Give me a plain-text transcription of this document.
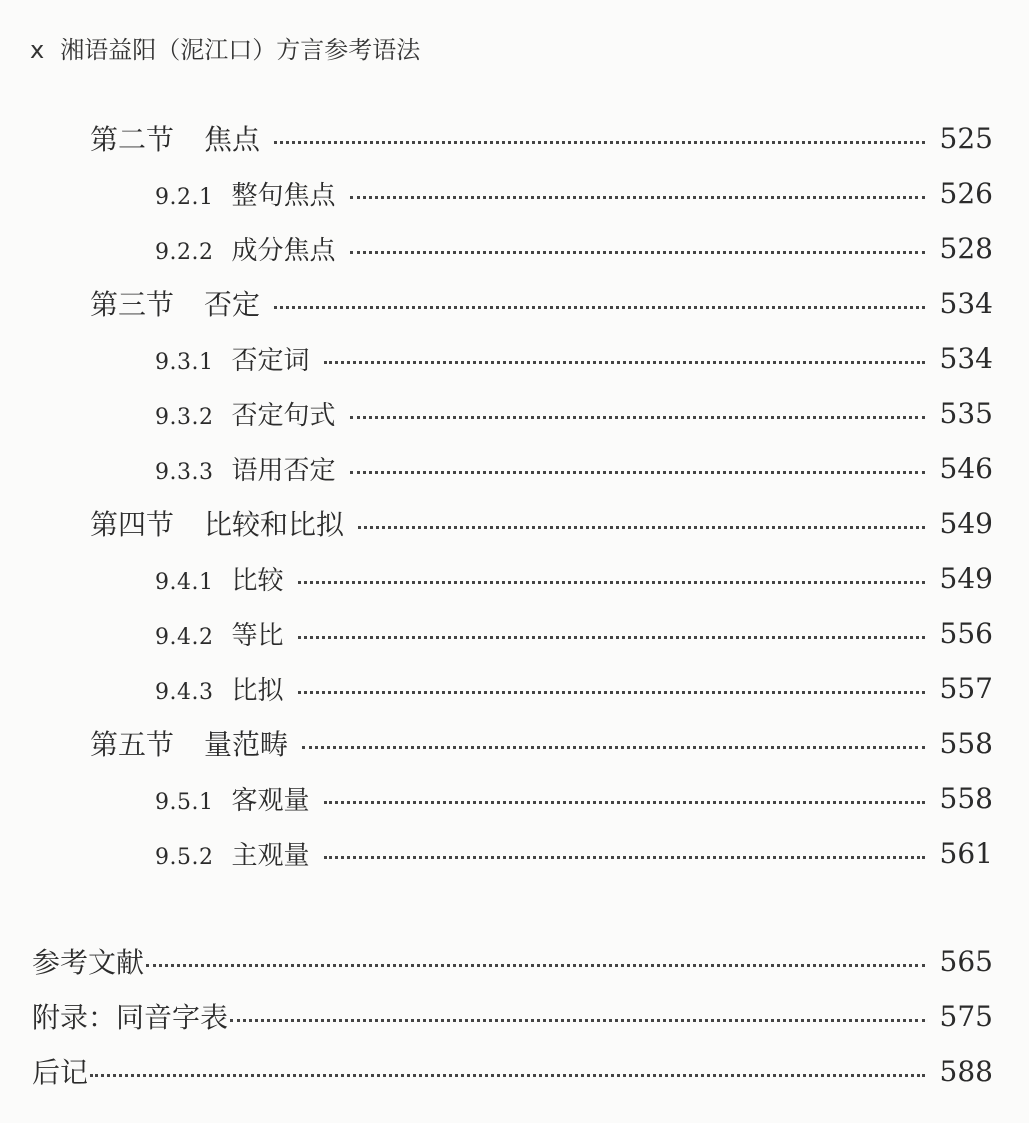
x 湘语益阳（泥江口）方言参考语法
第二节 焦点	525
9.2.1 整句焦点	526
9.2.2 成分焦点	528
第三节 否定	534
9.3.1 否定词	534
9.3.2 否定句式	535
9.3.3 语用否定	546
第四节 比较和比拟	549
9.4.1 比较	549
9.4.2 等比	556
9.4.3 比拟	557
第五节 量范畴	558
9.5.1 客观量	558
9.5.2 主观量	561
参考文献	565
附录：同音字表	575
后记	588
